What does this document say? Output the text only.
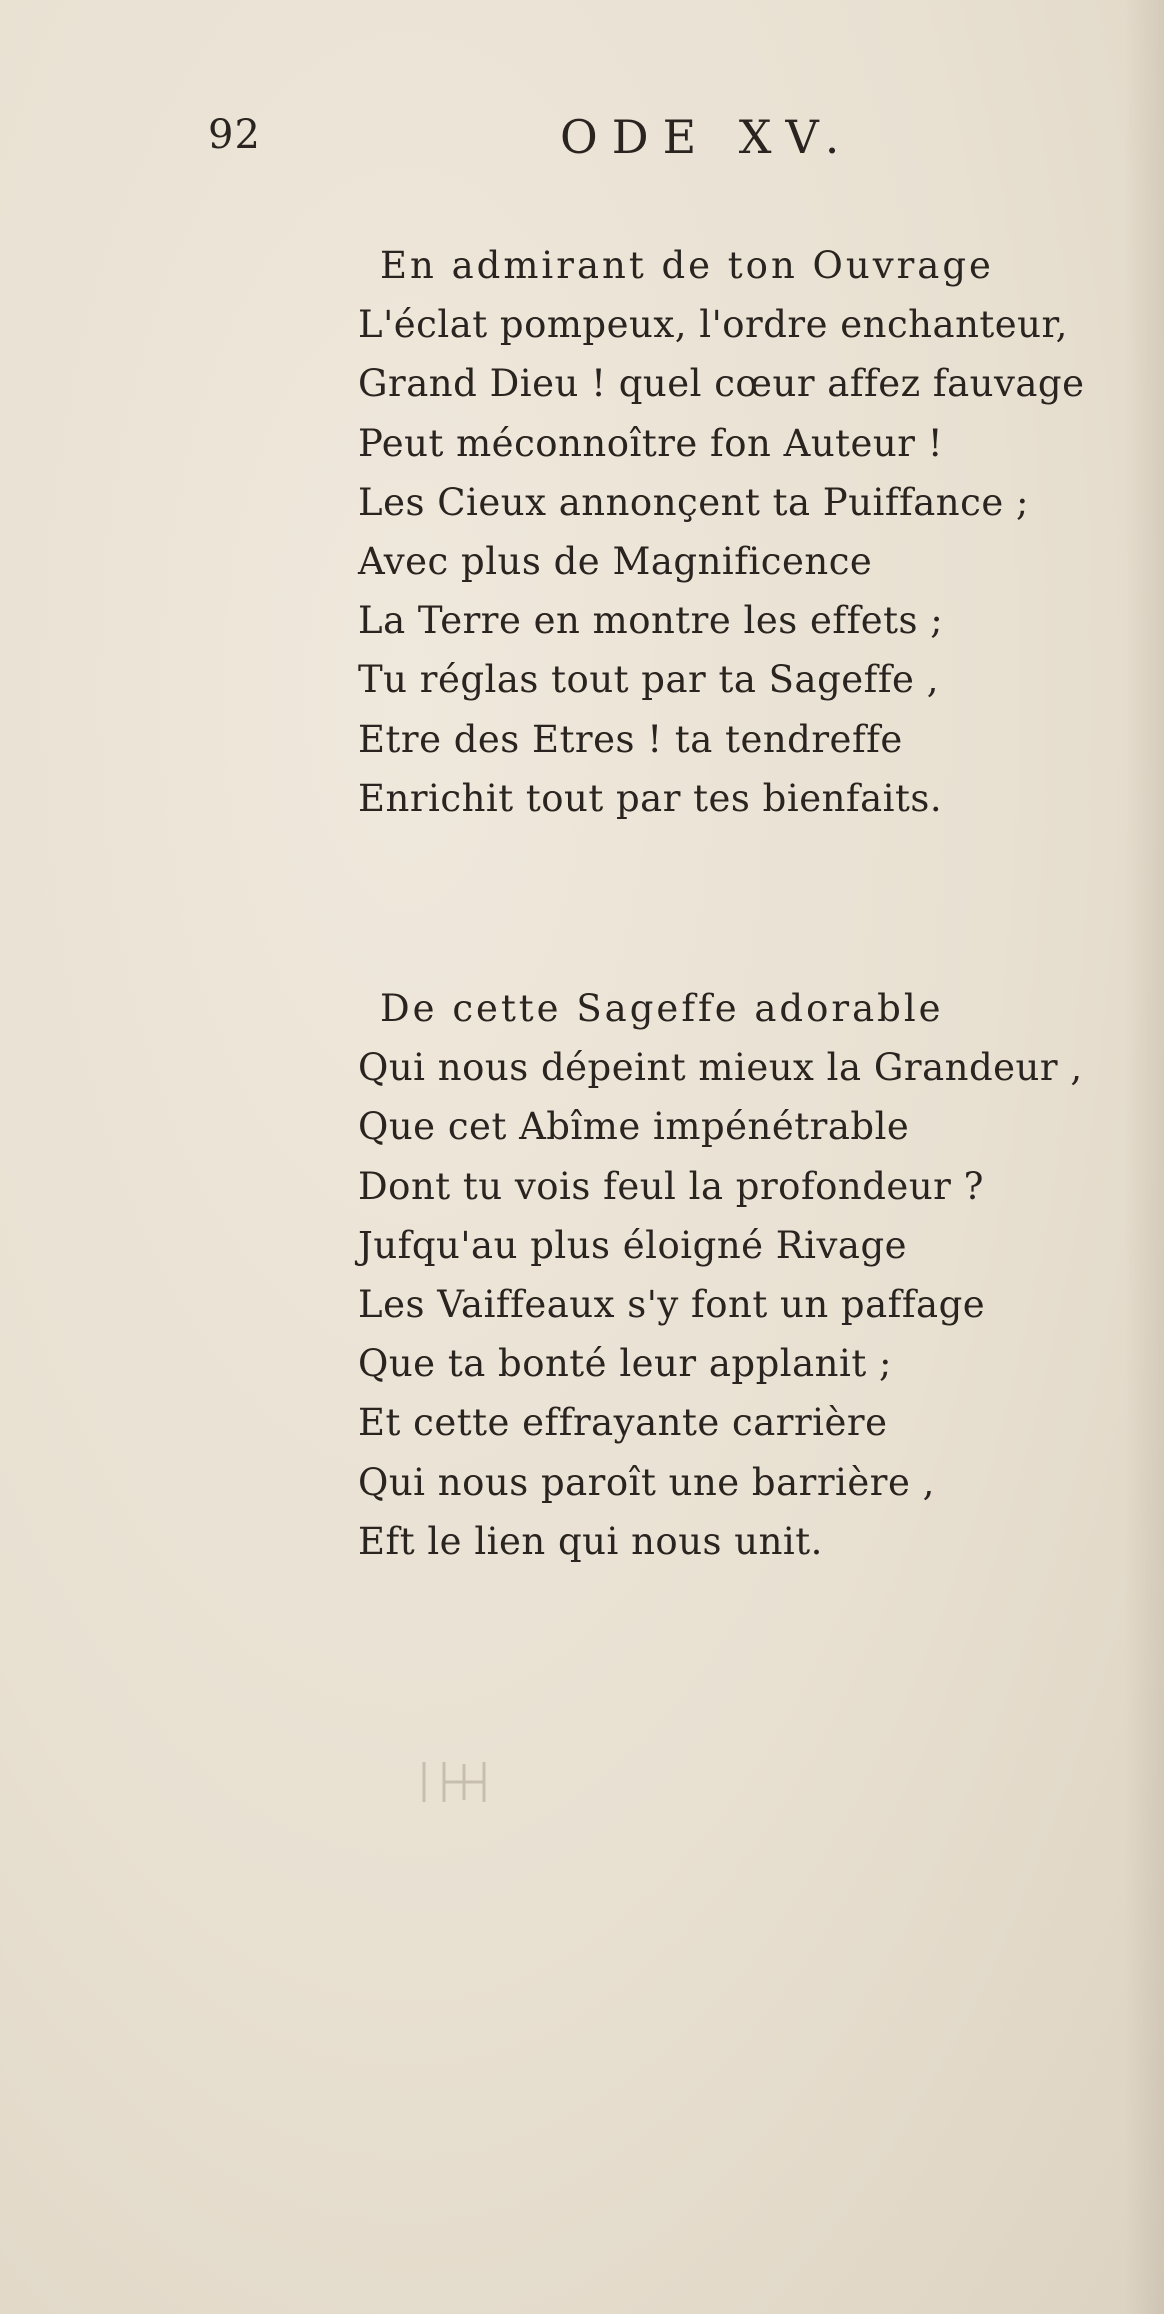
92	ODE XV.
En admirant de ton Ouvrage
L'éclat pompeux, l'ordre enchanteur,
Grand Dieu ! quel cœur affez fauvage
Peut méconnoître fon Auteur !
Les Cieux annonçent ta Puiffance ;
Avec plus de Magnificence
La Terre en montre les effets ;
Tu réglas tout par ta Sageffe ,
Etre des Etres ! ta tendreffe
Enrichit tout par tes bienfaits.
De cette Sageffe adorable
Qui nous dépeint mieux la Grandeur ,
Que cet Abîme impénétrable
Dont tu vois feul la profondeur ?
Jufqu'au plus éloigné Rivage
Les Vaiffeaux s'y font un paffage
Que ta bonté leur applanit ;
Et cette effrayante carrière
Qui nous paroît une barrière ,
Eft le lien qui nous unit.
